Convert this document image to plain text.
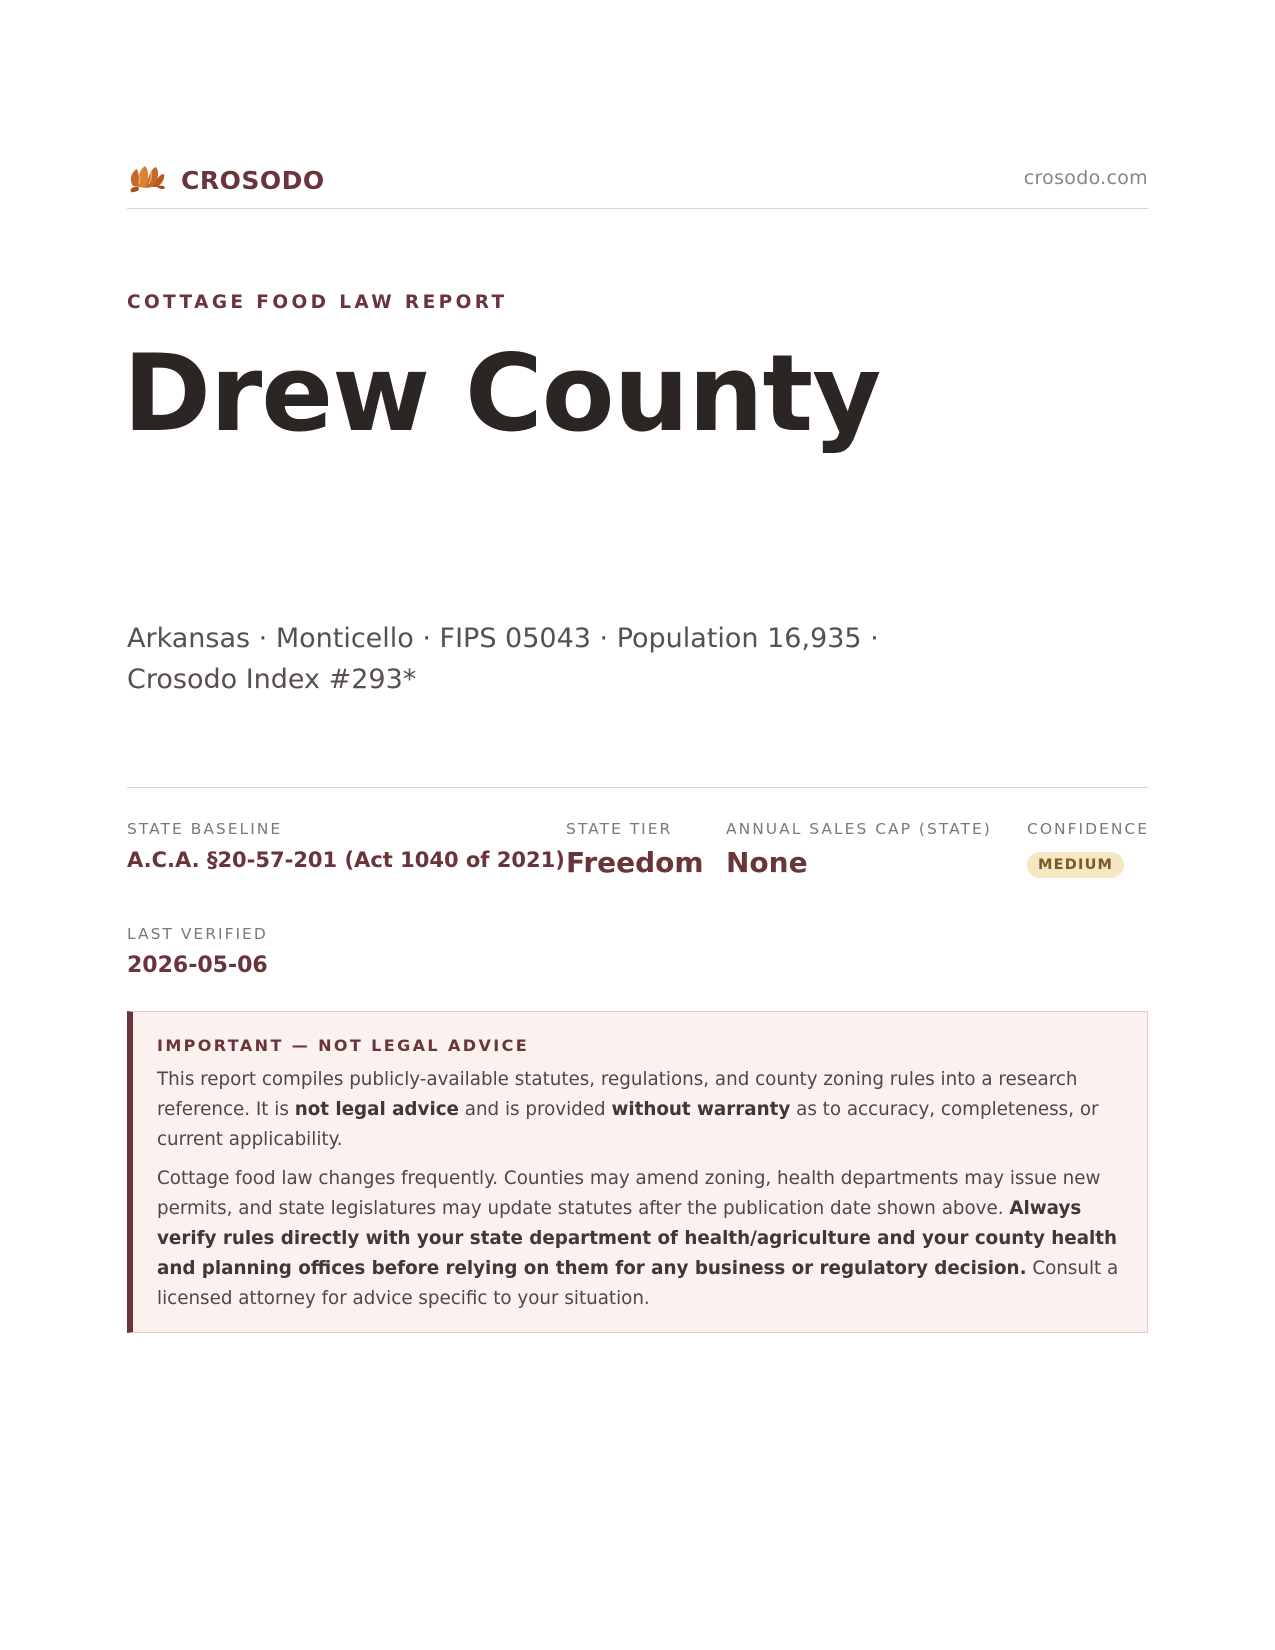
CROSODO	crosodo.com
COTTAGE FOOD LAW REPORT
Drew County
Arkansas · Monticello · FIPS 05043 · Population 16,935 ·
Crosodo Index #293*
STATE BASELINE
A.C.A. §20-57-201 (Act 1040 of 2021)
STATE TIER
Freedom
ANNUAL SALES CAP (STATE)
None
CONFIDENCE
MEDIUM
LAST VERIFIED
2026-05-06
IMPORTANT — NOT LEGAL ADVICE

This report compiles publicly-available statutes, regulations, and county zoning rules into a research reference. It is not legal advice and is provided without warranty as to accuracy, completeness, or current applicability.

Cottage food law changes frequently. Counties may amend zoning, health departments may issue new permits, and state legislatures may update statutes after the publication date shown above. Always verify rules directly with your state department of health/agriculture and your county health and planning offices before relying on them for any business or regulatory decision. Consult a licensed attorney for advice specific to your situation.
